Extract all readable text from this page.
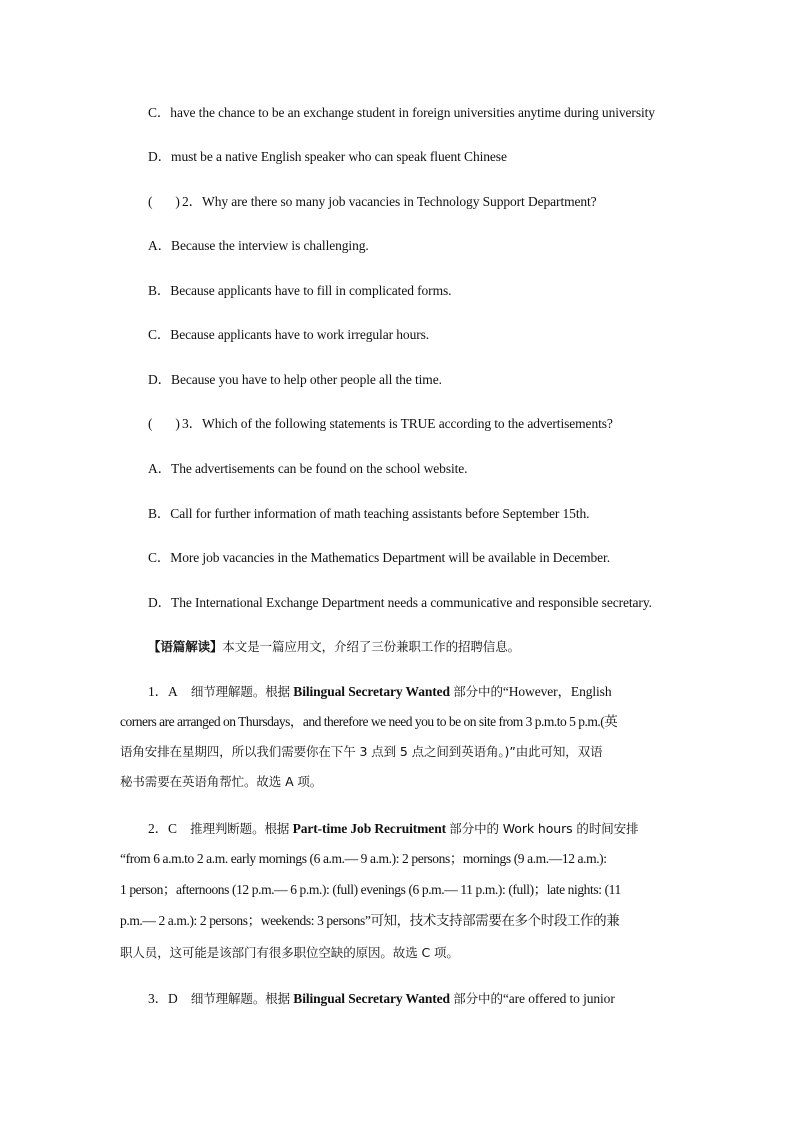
C．have the chance to be an exchange student in foreign universities anytime during university
D．must be a native English speaker who can speak fluent Chinese
( ) 2．Why are there so many job vacancies in Technology Support Department?
A．Because the interview is challenging.
B．Because applicants have to fill in complicated forms.
C．Because applicants have to work irregular hours.
D．Because you have to help other people all the time.
( ) 3．Which of the following statements is TRUE according to the advertisements?
A．The advertisements can be found on the school website.
B．Call for further information of math teaching assistants before September 15th.
C．More job vacancies in the Mathematics Department will be available in December.
D．The International Exchange Department needs a communicative and responsible secretary.
【语篇解读】本文是一篇应用文，介绍了三份兼职工作的招聘信息。
1．A 细节理解题。根据 Bilingual Secretary Wanted 部分中的“However，English
corners are arranged on Thursdays，and therefore we need you to be on site from 3 p.m.to 5 p.m.(英
语角安排在星期四，所以我们需要你在下午 3 点到 5 点之间到英语角。)”由此可知，双语
秘书需要在英语角帮忙。故选 A 项。
2．C 推理判断题。根据 Part-time Job Recruitment 部分中的 Work hours 的时间安排
“from 6 a.m.to 2 a.m. early mornings (6 a.m.— 9 a.m.): 2 persons；mornings (9 a.m.—12 a.m.):
1 person；afternoons (12 p.m.— 6 p.m.): (full) evenings (6 p.m.— 11 p.m.): (full)；late nights: (11
p.m.— 2 a.m.): 2 persons；weekends: 3 persons”可知，技术支持部需要在多个时段工作的兼
职人员，这可能是该部门有很多职位空缺的原因。故选 C 项。
3．D 细节理解题。根据 Bilingual Secretary Wanted 部分中的“are offered to junior
